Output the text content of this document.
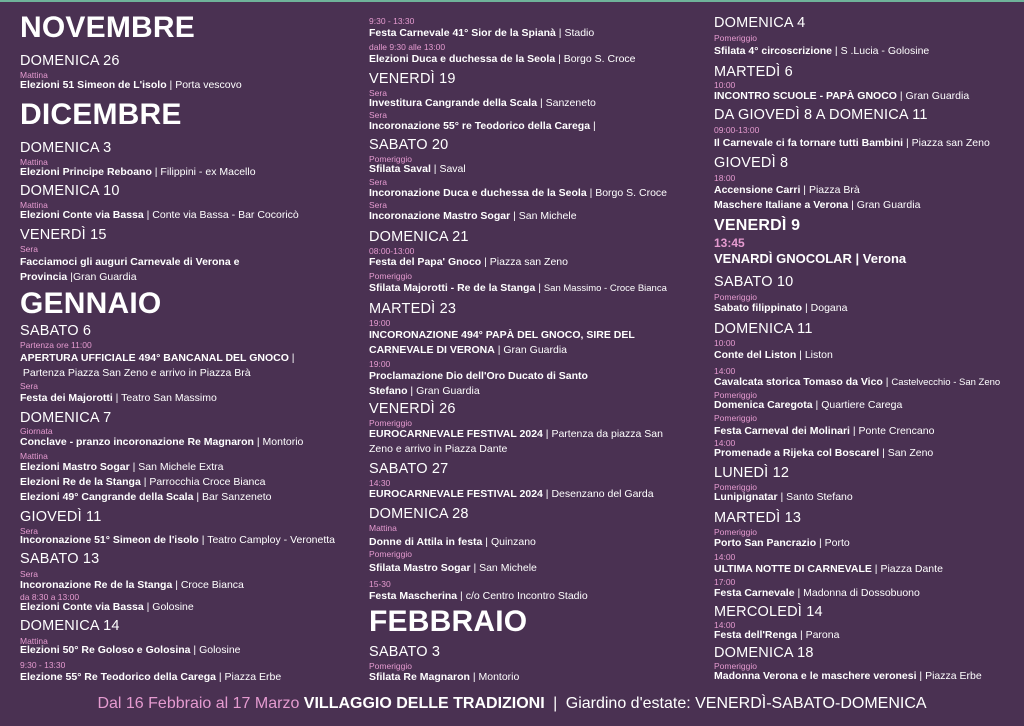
NOVEMBRE
DOMENICA 26
Mattina
Elezioni 51 Simeon de L'isolo | Porta vescovo
DICEMBRE
DOMENICA 3
Mattina
Elezioni Principe Reboano | Filippini - ex Macello
DOMENICA 10
Mattina
Elezioni Conte via Bassa | Conte via Bassa - Bar Cocoricò
VENERDÌ 15
Sera
Facciamoci gli auguri Carnevale di Verona e Provincia |Gran Guardia
GENNAIO
SABATO 6
Partenza ore 11:00
APERTURA UFFICIALE 494° BANCANAL DEL GNOCO |  Partenza Piazza San Zeno e arrivo in Piazza Brà
Sera
Festa dei Majorotti | Teatro San Massimo
DOMENICA 7
Giornata
Conclave - pranzo incoronazione Re Magnaron | Montorio
Mattina
Elezioni Mastro Sogar | San Michele Extra
Elezioni Re de la Stanga | Parrocchia Croce Bianca
Elezioni 49° Cangrande della Scala | Bar Sanzeneto
GIOVEDÌ 11
Sera
Incoronazione 51° Simeon de l'isolo | Teatro Camploy - Veronetta
SABATO 13
Sera
Incoronazione Re de la Stanga | Croce Bianca
da 8:30 a 13:00
Elezioni Conte via Bassa | Golosine
DOMENICA 14
Mattina
Elezioni 50° Re Goloso e Golosina | Golosine
9:30 - 13:30
Elezione 55° Re Teodorico della Carega | Piazza Erbe
9:30 - 13:30
Festa Carnevale 41° Sior de la Spianà | Stadio
dalle 9:30 alle 13:00
Elezioni Duca e duchessa de la Seola | Borgo S. Croce
VENERDÌ 19
Sera
Investitura Cangrande della Scala | Sanzeneto
Sera
Incoronazione 55° re Teodorico della Carega |
SABATO 20
Pomeriggio
Sfilata Saval | Saval
Sera
Incoronazione Duca e duchessa de la Seola | Borgo S. Croce
Sera
Incoronazione Mastro Sogar | San Michele
DOMENICA 21
08:00-13:00
Festa del Papa' Gnoco | Piazza san Zeno
Pomeriggio
Sfilata Majorotti - Re de la Stanga | San Massimo - Croce Bianca
MARTEDÌ 23
19:00
INCORONAZIONE 494° PAPÀ DEL GNOCO, SIRE DEL CARNEVALE DI VERONA | Gran Guardia
19:00
Proclamazione Dio dell'Oro Ducato di Santo Stefano | Gran Guardia
VENERDÌ 26
Pomeriggio
EUROCARNEVALE FESTIVAL 2024 | Partenza da piazza San Zeno e arrivo in Piazza Dante
SABATO 27
14:30
EUROCARNEVALE FESTIVAL 2024 | Desenzano del Garda
DOMENICA 28
Mattina
Donne di Attila in festa | Quinzano
Pomeriggio
Sfilata Mastro Sogar | San Michele
15-30
Festa Mascherina | c/o Centro Incontro Stadio
FEBBRAIO
SABATO 3
Pomeriggio
Sfilata Re Magnaron | Montorio
DOMENICA 4
Pomeriggio
Sfilata 4° circoscrizione | S .Lucia - Golosine
MARTEDÌ 6
10:00
INCONTRO SCUOLE - PAPÀ GNOCO | Gran Guardia
DA GIOVEDÌ 8 A DOMENICA 11
09:00-13:00
Il Carnevale ci fa tornare tutti Bambini | Piazza san Zeno
GIOVEDÌ 8
18:00
Accensione Carri | Piazza Brà
Maschere Italiane a Verona | Gran Guardia
VENERDÌ 9
13:45
VENARDÌ GNOCOLAR | Verona
SABATO 10
Pomeriggio
Sabato filippinato | Dogana
DOMENICA 11
10:00
Conte del Liston | Liston
14:00
Cavalcata storica Tomaso da Vico | Castelvecchio - San Zeno
Pomeriggio
Domenica Caregota | Quartiere Carega
Pomeriggio
Festa Carneval dei Molinari | Ponte Crencano
14:00
Promenade a Rijeka col Boscarel | San Zeno
LUNEDÌ 12
Pomeriggio
Lunipignatar | Santo Stefano
MARTEDÌ 13
Pomeriggio
Porto San Pancrazio | Porto
14:00
ULTIMA NOTTE DI CARNEVALE | Piazza Dante
17:00
Festa Carnevale | Madonna di Dossobuono
MERCOLEDÌ 14
14:00
Festa dell'Renga | Parona
DOMENICA 18
Pomeriggio
Madonna Verona e le maschere veronesi | Piazza Erbe
Dal 16 Febbraio al 17 Marzo VILLAGGIO DELLE TRADIZIONI | Giardino d'estate: VENERDÌ-SABATO-DOMENICA
